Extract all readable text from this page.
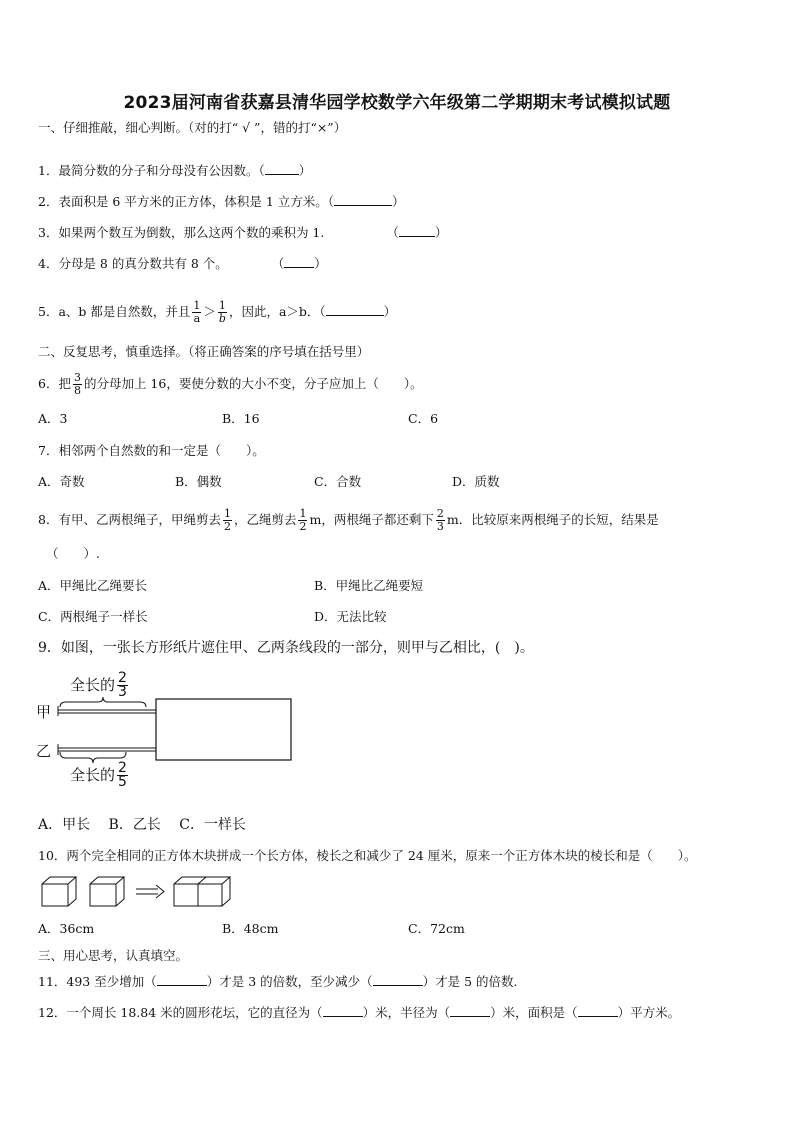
2023届河南省获嘉县清华园学校数学六年级第二学期期末考试模拟试题
一、仔细推敲，细心判断。（对的打“ √ ”，错的打“×”）
1．最简分数的分子和分母没有公因数。（	）
2．表面积是 6 平方米的正方体，体积是 1 立方米。（	）
3．如果两个数互为倒数，那么这两个数的乘积为 1.	（	）
4．分母是 8 的真分数共有 8 个。	（ ）
5．a、b 都是自然数，并且 $\frac{1}{a} > \frac{1}{b}$ ，因此，a＞b．（	）
二、反复思考，慎重选择。（将正确答案的序号填在括号里）
6．把 $\frac{3}{8}$ 的分母加上 16，要使分数的大小不变，分子应加上（　　）。
A．3	B．16	C．6
7．相邻两个自然数的和一定是（　　）。
A．奇数	B．偶数	C．合数	D．质数
8．有甲、乙两根绳子，甲绳剪去 $\frac{1}{2}$ ，乙绳剪去 $\frac{1}{2}$ m，两根绳子都还剩下 $\frac{2}{3}$ m．比较原来两根绳子的长短，结果是
（　　）.
A．甲绳比乙绳要长	B．甲绳比乙绳要短
C．两根绳子一样长	D．无法比较
9．如图，一张长方形纸片遮住甲、乙两条线段的一部分，则甲与乙相比，(　)。
甲
乙
全长的 $\frac{2}{3}$
全长的 $\frac{2}{5}$
A．甲长　 B．乙长　 C．一样长
10．两个完全相同的正方体木块拼成一个长方体，棱长之和减少了 24 厘米，原来一个正方体木块的棱长和是（　　）。
A．36cm	B．48cm	C．72cm
三、用心思考，认真填空。
11．493 至少增加（	）才是 3 的倍数，至少减少（	）才是 5 的倍数.
12．一个周长 18.84 米的圆形花坛，它的直径为（	）米，半径为（	）米，面积是（	）平方米。
